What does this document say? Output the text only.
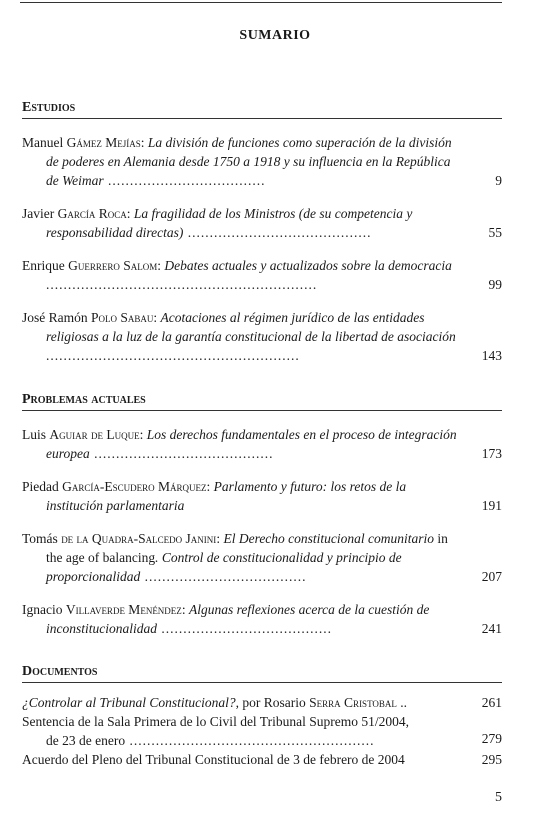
SUMARIO
Estudios
Manuel Gámez Mejías: La división de funciones como superación de la división de poderes en Alemania desde 1750 a 1918 y su influencia en la República de Weimar ....................................	9
Javier García Roca: La fragilidad de los Ministros (de su competencia y responsabilidad directas) ..........................................	55
Enrique Guerrero Salom: Debates actuales y actualizados sobre la democracia ..............................................................	99
José Ramón Polo Sabau: Acotaciones al régimen jurídico de las entidades religiosas a la luz de la garantía constitucional de la libertad de asociación ..........................................................	143
Problemas actuales
Luis Aguiar de Luque: Los derechos fundamentales en el proceso de integración europea .........................................	173
Piedad García-Escudero Márquez: Parlamento y futuro: los retos de la institución parlamentaria	191
Tomás de la Quadra-Salcedo Janini: El Derecho constitucional comunitario in the age of balancing. Control de constitucionalidad y principio de proporcionalidad .....................................	207
Ignacio Villaverde Menéndez: Algunas reflexiones acerca de la cuestión de inconstitucionalidad .......................................	241
Documentos
¿Controlar al Tribunal Constitucional?, por Rosario Serra Cristobal ..	261
Sentencia de la Sala Primera de lo Civil del Tribunal Supremo 51/2004,
de 23 de enero ........................................................	279
Acuerdo del Pleno del Tribunal Constitucional de 3 de febrero de 2004	295
5
